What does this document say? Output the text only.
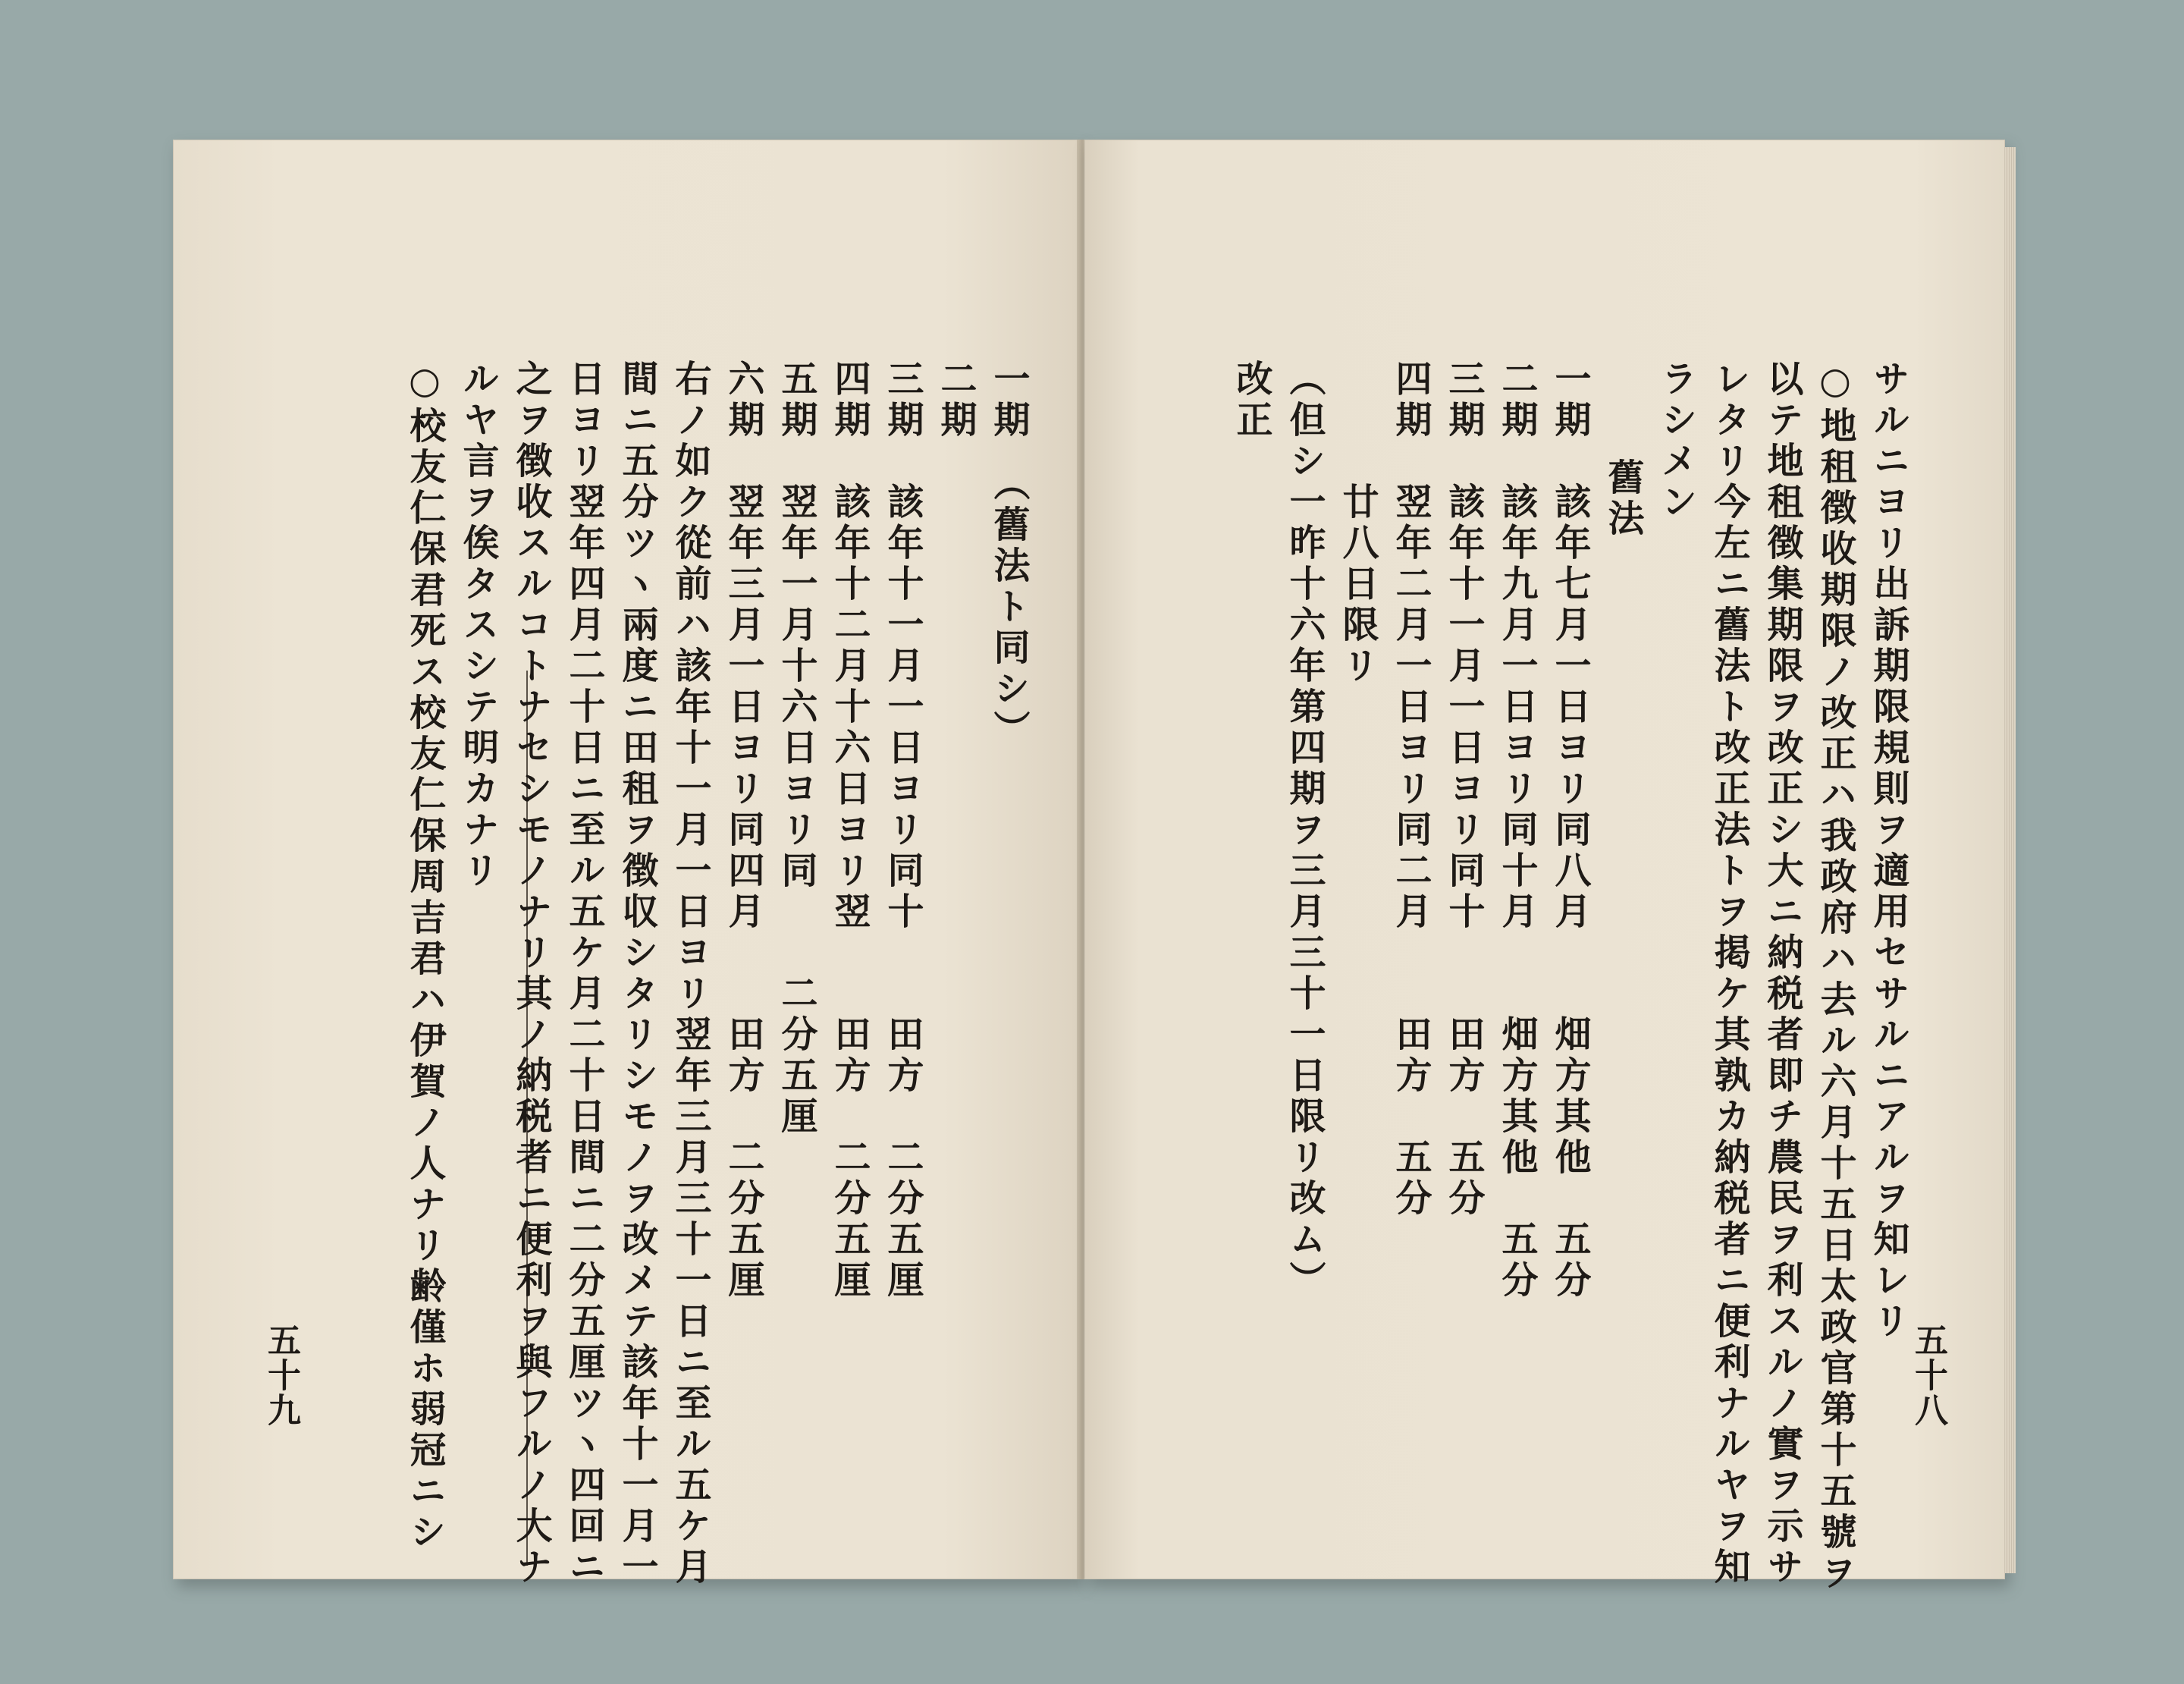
一期　（舊法ト同シ）
二期
三期　該年十一月一日ヨリ同十　　田方　二分五厘
四期　該年十二月十六日ヨリ翌　　田方　二分五厘
五期　翌年一月十六日ヨリ同　　二分五厘
六期　翌年三月一日ヨリ同四月　　田方　二分五厘
右ノ如ク從前ハ該年十一月一日ヨリ翌年三月三十一日ニ至ル五ケ月
間ニ五分ツヽ兩度ニ田租ヲ徴収シタリシモノヲ改メテ該年十一月一
日ヨリ翌年四月二十日ニ至ル五ケ月二十日間ニ二分五厘ツヽ四回ニ
之ヲ徴收スルコトナセシモノナリ其ノ納税者ニ便利ヲ與フルノ大ナ
ルヤ言ヲ俟タスシテ明カナリ
○校友仁保君死ス校友仁保周吉君ハ伊賀ノ人ナリ齢僅ホ弱冠ニシ
五十九	五十八
サルニヨリ出訴期限規則ヲ適用セサルニアルヲ知レリ
○地租徴收期限ノ改正ハ我政府ハ去ル六月十五日太政官第十五號ヲ
以テ地租徴集期限ヲ改正シ大ニ納税者即チ農民ヲ利スルノ實ヲ示サ
レタリ今左ニ舊法ト改正法トヲ掲ケ其孰カ納税者ニ便利ナルヤヲ知
ラシメン
舊法
一期　該年七月一日ヨリ同八月　　畑方其他　五分
二期　該年九月一日ヨリ同十月　　畑方其他　五分
三期　該年十一月一日ヨリ同十　　田方　五分
四期　翌年二月一日ヨリ同二月　　田方　五分
　　　廿八日限リ
（但シ一昨十六年第四期ヲ三月三十一日限リ改ム）
改正
